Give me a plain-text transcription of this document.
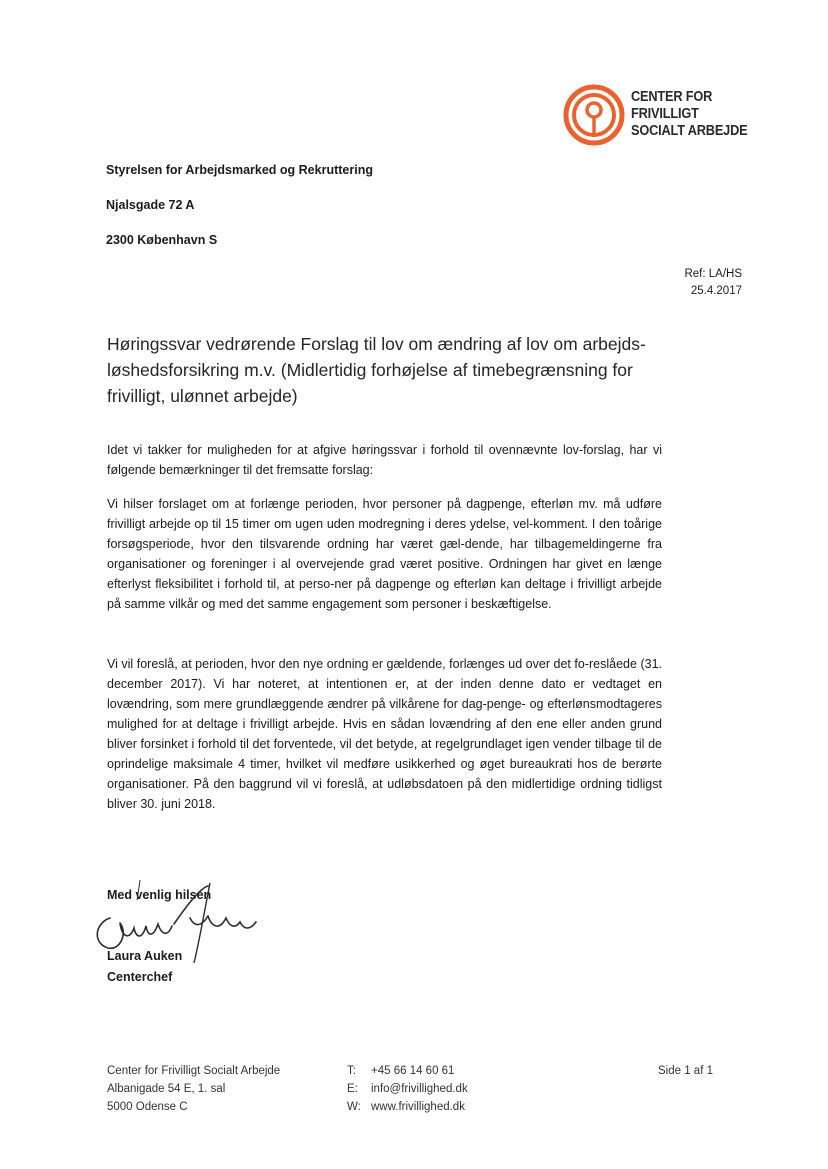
CENTER FOR
FRIVILLIGT
SOCIALT ARBEJDE
Styrelsen for Arbejdsmarked og Rekruttering
Njalsgade 72 A
2300 København S
Ref: LA/HS
25.4.2017
Høringssvar vedrørende Forslag til lov om ændring af lov om arbejds-løshedsforsikring m.v. (Midlertidig forhøjelse af timebegrænsning for frivilligt, ulønnet arbejde)
Idet vi takker for muligheden for at afgive høringssvar i forhold til ovennævnte lov-forslag, har vi følgende bemærkninger til det fremsatte forslag:
Vi hilser forslaget om at forlænge perioden, hvor personer på dagpenge, efterløn mv. må udføre frivilligt arbejde op til 15 timer om ugen uden modregning i deres ydelse, vel-komment. I den toårige forsøgsperiode, hvor den tilsvarende ordning har været gæl-dende, har tilbagemeldingerne fra organisationer og foreninger i al overvejende grad været positive. Ordningen har givet en længe efterlyst fleksibilitet i forhold til, at perso-ner på dagpenge og efterløn kan deltage i frivilligt arbejde på samme vilkår og med det samme engagement som personer i beskæftigelse.
Vi vil foreslå, at perioden, hvor den nye ordning er gældende, forlænges ud over det fo-reslåede (31. december 2017). Vi har noteret, at intentionen er, at der inden denne dato er vedtaget en lovændring, som mere grundlæggende ændrer på vilkårene for dag-penge- og efterlønsmodtageres mulighed for at deltage i frivilligt arbejde. Hvis en sådan lovændring af den ene eller anden grund bliver forsinket i forhold til det forventede, vil det betyde, at regelgrundlaget igen vender tilbage til de oprindelige maksimale 4 timer, hvilket vil medføre usikkerhed og øget bureaukrati hos de berørte organisationer. På den baggrund vil vi foreslå, at udløbsdatoen på den midlertidige ordning tidligst bliver 30. juni 2018.
Med venlig hilsen
Laura Auken
Centerchef
Center for Frivilligt Socialt Arbejde
Albanigade 54 E, 1. sal
5000 Odense C
T:	+45 66 14 60 61
E:	info@frivillighed.dk
W: www.frivillighed.dk
Side 1 af 1
